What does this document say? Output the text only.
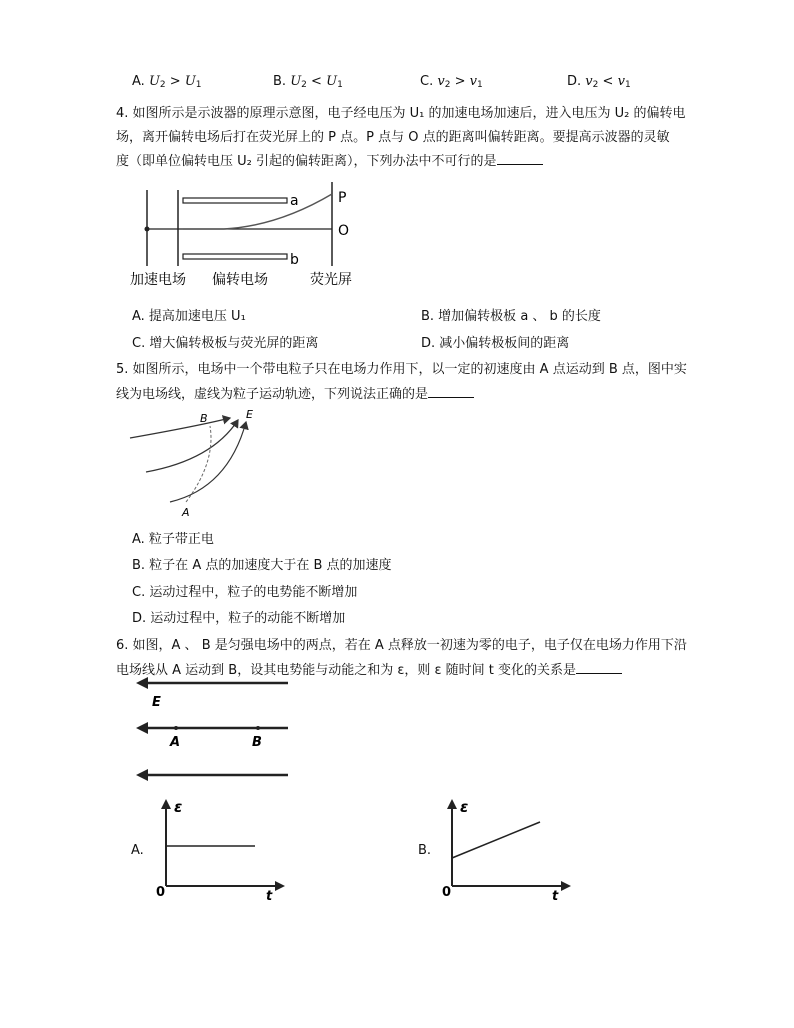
A. $U_2 > U_1$	B. $U_2 < U_1$	C. $v_2 > v_1$	D. $v_2 < v_1$
4. 如图所示是示波器的原理示意图，电子经电压为 U₁ 的加速电场加速后，进入电压为 U₂ 的偏转电
场，离开偏转电场后打在荧光屏上的 P 点。P 点与 O 点的距离叫偏转距离。要提高示波器的灵敏
度（即单位偏转电压 U₂ 引起的偏转距离），下列办法中不可行的是
a
b
P
O
加速电场 偏转电场	荧光屏
A. 提高加速电压 U₁	B. 增加偏转极板 a 、 b 的长度
C. 增大偏转极板与荧光屏的距离	D. 减小偏转极板间的距离
5. 如图所示，电场中一个带电粒子只在电场力作用下，以一定的初速度由 A 点运动到 B 点，图中实
线为电场线，虚线为粒子运动轨迹，下列说法正确的是
B	E
A
A. 粒子带正电
B. 粒子在 A 点的加速度大于在 B 点的加速度
C. 运动过程中，粒子的电势能不断增加
D. 运动过程中，粒子的动能不断增加
6. 如图，A 、 B 是匀强电场中的两点，若在 A 点释放一初速为零的电子，电子仅在电场力作用下沿
电场线从 A 运动到 B，设其电势能与动能之和为 ε，则 ε 随时间 t 变化的关系是
E
A	B
A.
ε
0	t
B.
ε
0	t
